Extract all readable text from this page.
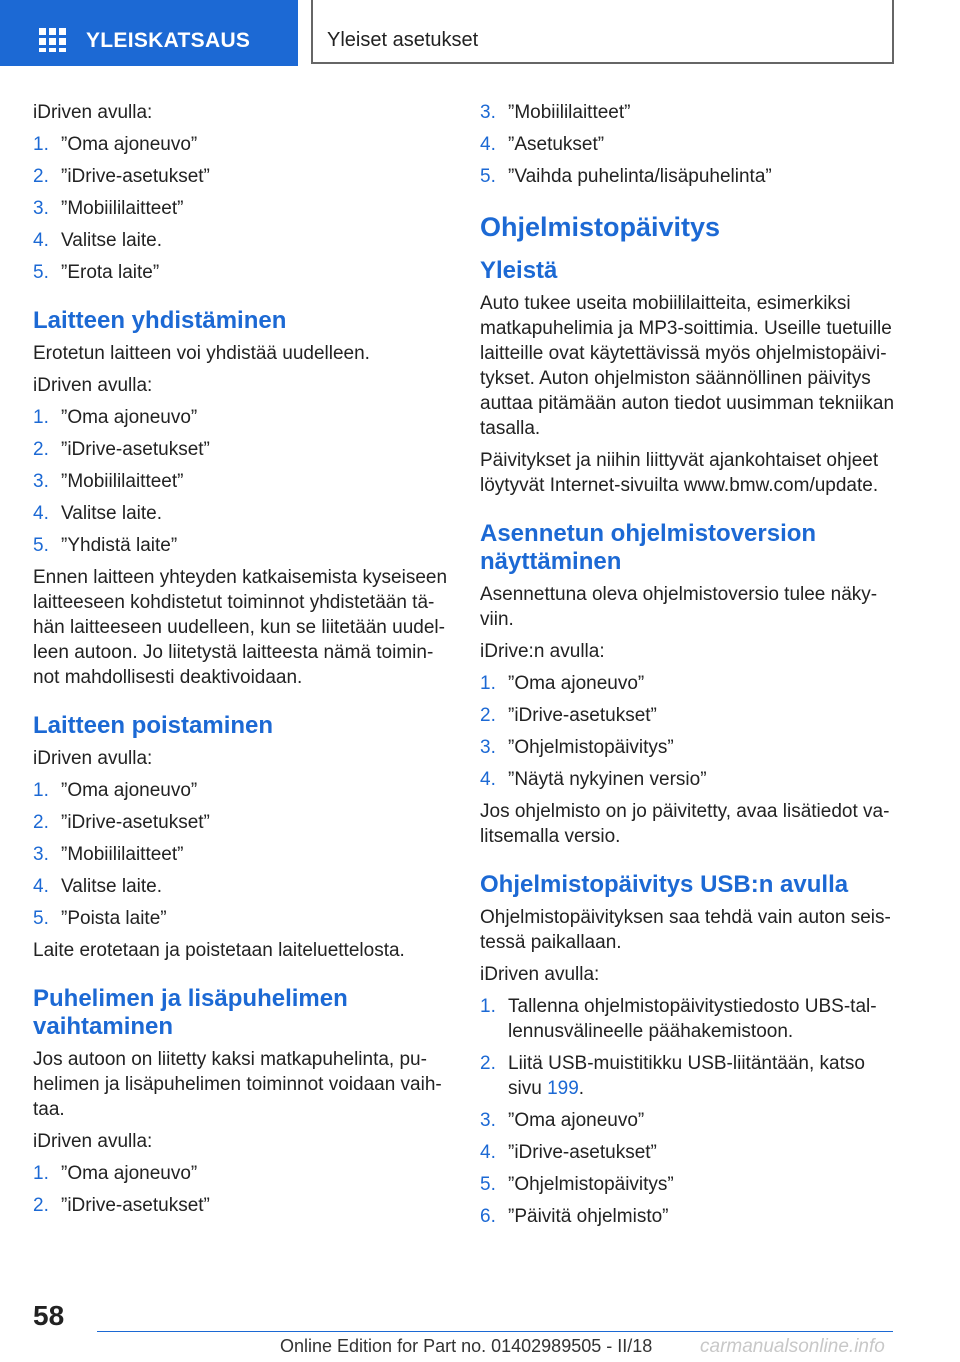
YLEISKATSAUS	Yleiset asetukset

iDriven avulla:

1. ”Oma ajoneuvo”
2. ”iDrive-asetukset”
3. ”Mobiililaitteet”
4. Valitse laite.
5. ”Erota laite”
Laitteen yhdistäminen

Erotetun laitteen voi yhdistää uudelleen.

iDriven avulla:

1. ”Oma ajoneuvo”
2. ”iDrive-asetukset”
3. ”Mobiililaitteet”
4. Valitse laite.
5. ”Yhdistä laite”

Ennen laitteen yhteyden katkaisemista kyseiseen laitteeseen kohdistetut toiminnot yhdistetään tähän laitteeseen uudelleen, kun se liitetään uudelleen autoon. Jo liitetystä laitteesta nämä toiminnot mahdollisesti deaktivoidaan.

Laitteen poistaminen

iDriven avulla:

1. ”Oma ajoneuvo”
2. ”iDrive-asetukset”
3. ”Mobiililaitteet”
4. Valitse laite.
5. ”Poista laite”

Laite erotetaan ja poistetaan laiteluettelosta.

Puhelimen ja lisäpuhelimen vaihtaminen

Jos autoon on liitetty kaksi matkapuhelinta, puhelimen ja lisäpuhelimen toiminnot voidaan vaihtaa.

iDriven avulla:

1. ”Oma ajoneuvo”
2. ”iDrive-asetukset”
3. ”Mobiililaitteet”
4. ”Asetukset”
5. ”Vaihda puhelinta/lisäpuhelinta”
Ohjelmistopäivitys
Yleistä

Auto tukee useita mobiililaitteita, esimerkiksi matkapuhelimia ja MP3-soittimia. Useille tuetuille laitteille ovat käytettävissä myös ohjelmistopäivitykset. Auton ohjelmiston säännöllinen päivitys auttaa pitämään auton tiedot uusimman tekniikan tasalla.

Päivitykset ja niihin liittyvät ajankohtaiset ohjeet löytyvät Internet-sivuilta www.bmw.com/update.

Asennetun ohjelmistoversion näyttäminen

Asennettuna oleva ohjelmistoversio tulee näkyviin.

iDrive:n avulla:

1. ”Oma ajoneuvo”
2. ”iDrive-asetukset”
3. ”Ohjelmistopäivitys”
4. ”Näytä nykyinen versio”

Jos ohjelmisto on jo päivitetty, avaa lisätiedot valitsemalla versio.

Ohjelmistopäivitys USB:n avulla

Ohjelmistopäivityksen saa tehdä vain auton seistessä paikallaan.

iDriven avulla:

1. Tallenna ohjelmistopäivitystiedosto UBS-tallennusvälineelle päähakemistoon.
2. Liitä USB-muistitikku USB-liitäntään, katso sivu 199.
3. ”Oma ajoneuvo”
4. ”iDrive-asetukset”
5. ”Ohjelmistopäivitys”
6. ”Päivitä ohjelmisto”
58
Online Edition for Part no. 01402989505 - II/18	carmanualsonline.info
